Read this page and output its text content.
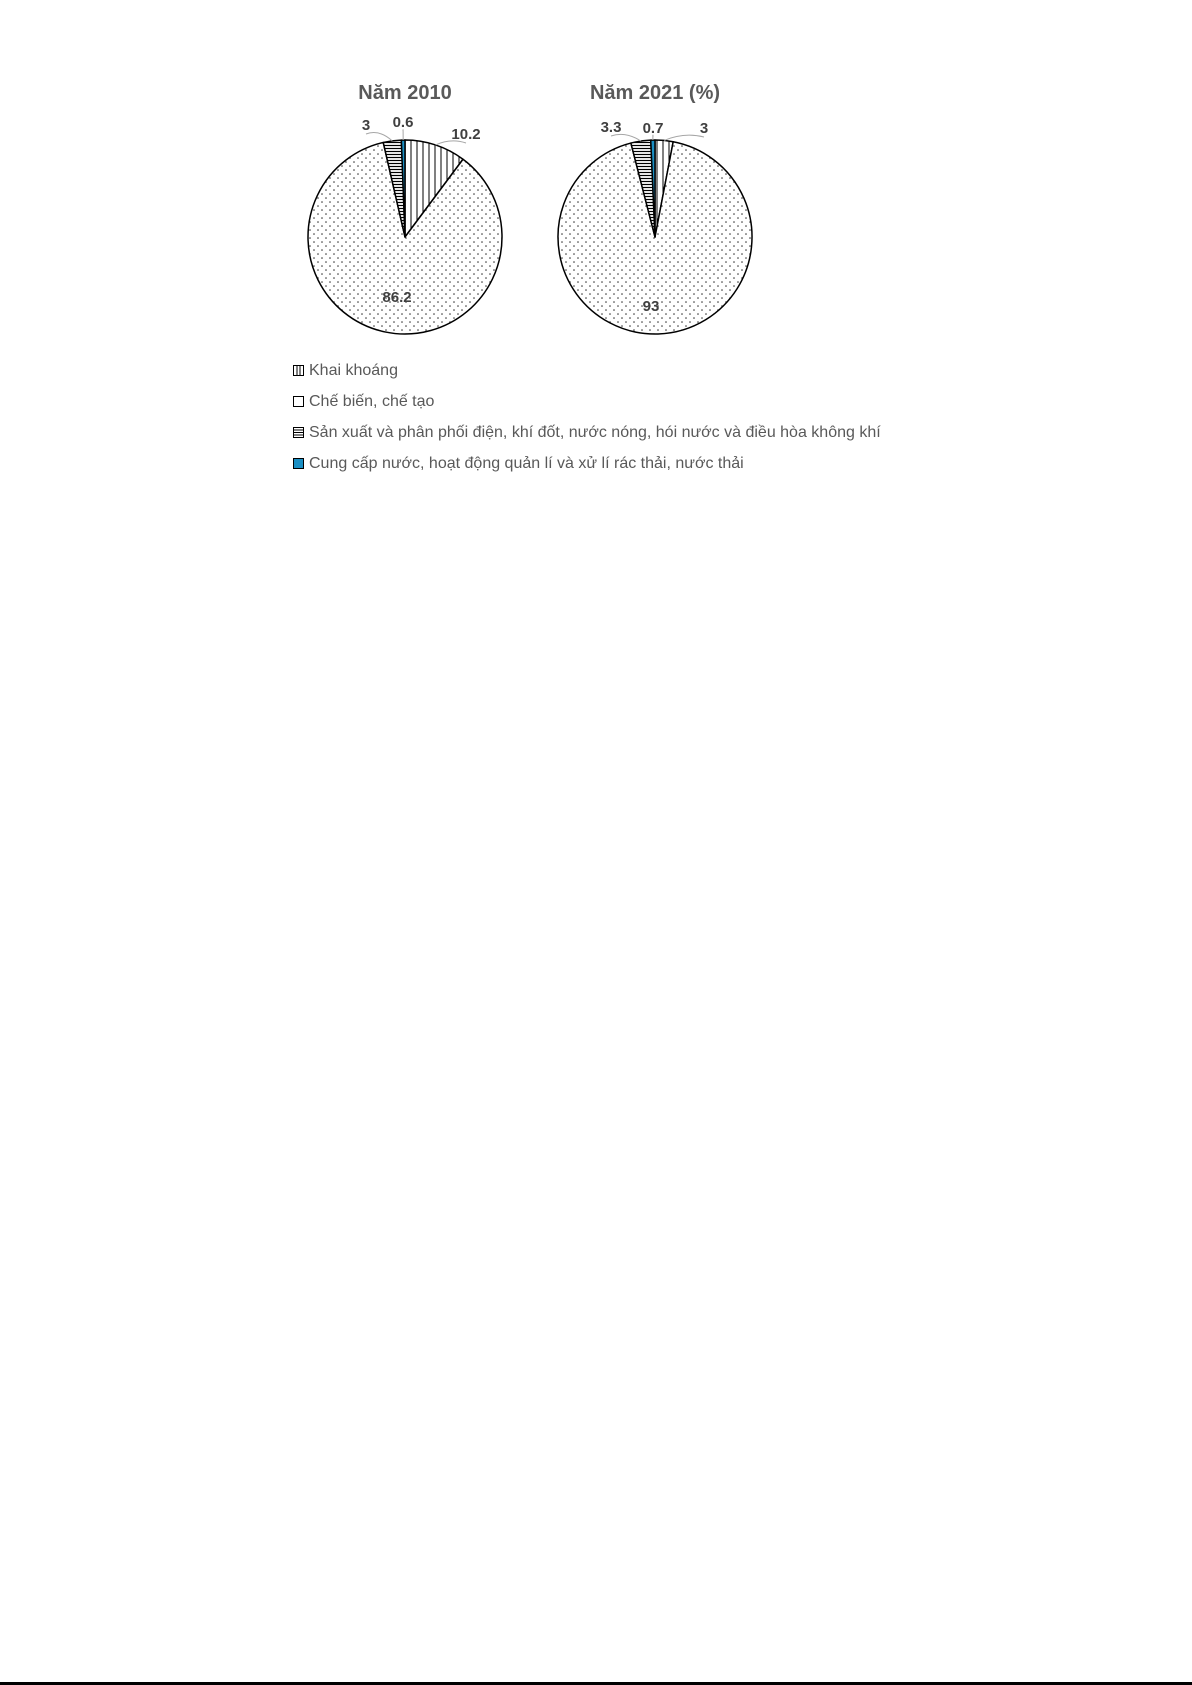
Năm 2010
10.2
86.2
3 0.6
Năm 2021 (%)
3
93
3.3 0.7
Khai khoáng
Chế biến, chế tạo
Sản xuất và phân phối điện, khí đốt, nước nóng, hói nước và điều hòa không khí
Cung cấp nước, hoạt động quản lí và xử lí rác thải, nước thải
